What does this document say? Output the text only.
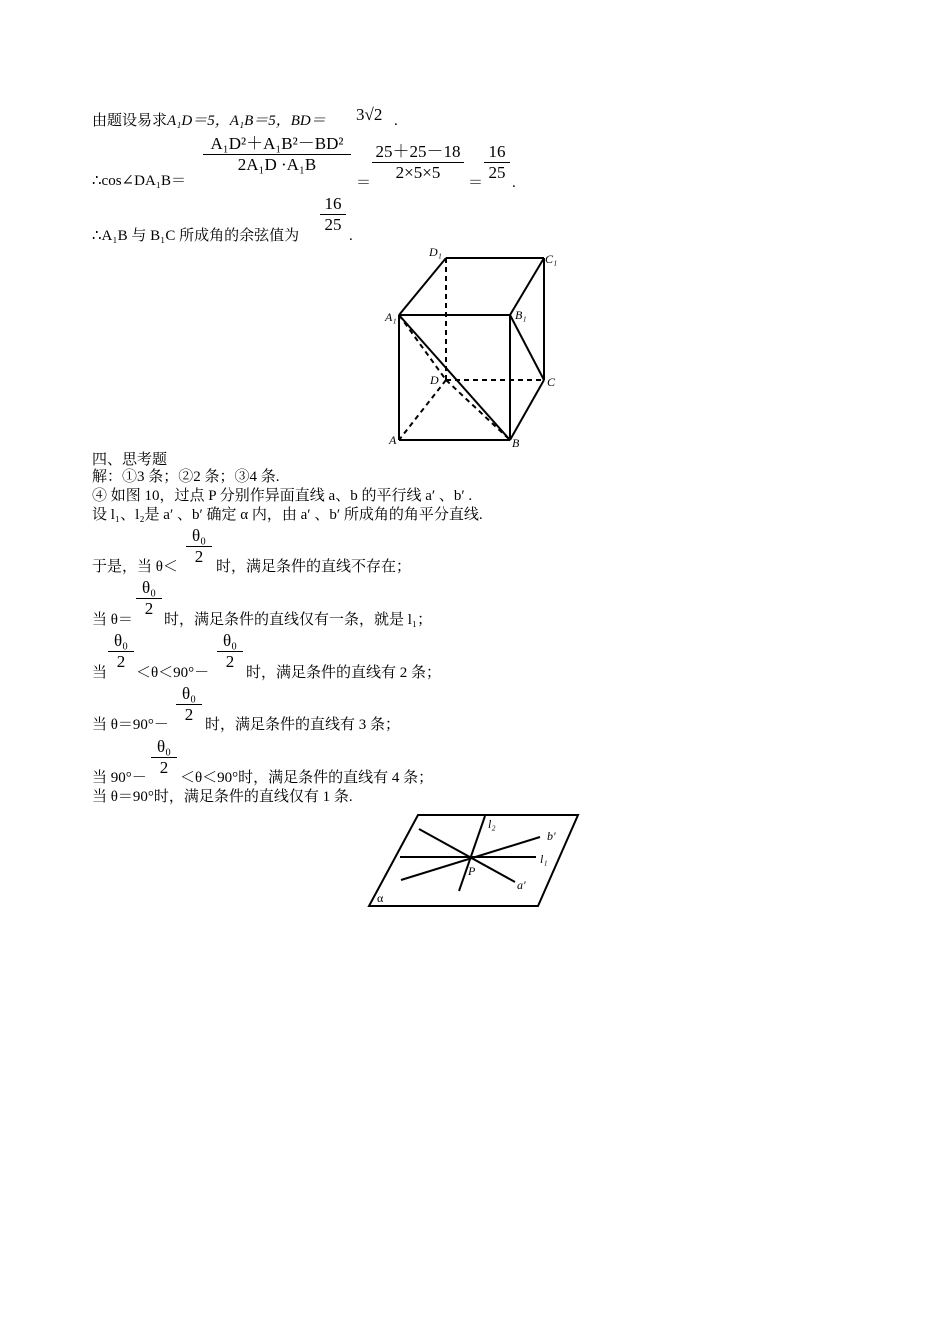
由题设易求A₁D＝5，A₁B＝5，BD＝ 3√2 .
∴cos∠DA₁B＝
$\frac{\text{A₁D²＋A₁B²－BD²}}{\text{2A₁D ·A₁B}}$
＝ $\frac{25+25-18}{2\times 5\times 5} = \frac{16}{25}$ .
∴A₁B 与 B₁C 所成角的余弦值为
$\frac{16}{25}$
.
D₁	C₁
A₁	B₁
D	C
A	B
四、思考题
解：①3 条；②2 条；③4 条.
④ 如图 10，过点 P 分别作异面直线 a、b 的平行线 a′ 、b′ .
设 l₁、l₂是 a′ 、b′ 确定 α 内，由 a′ 、b′ 所成角的角平分直线.
于是，当 $\theta< \frac{\text{θ₀}}{2}$ 时，满足条件的直线不存在；
当 θ＝
$\frac{\text{θ₀}}{2}$
时，满足条件的直线仅有一条，就是 l₁；
当
$\frac{\text{θ₀}}{2}$
＜θ＜90°－
$\frac{\text{θ₀}}{2}$
时，满足条件的直线有 2 条；
当 $\theta=90^\circ- \frac{\text{θ₀}}{2}$ 时，满足条件的直线有 3 条；
当 $90^\circ- \frac{\text{θ₀}}{2} <\theta<90^\circ$时，满足条件的直线有 4 条；
当 θ＝90°时，满足条件的直线仅有 1 条.
l₂
b′
l₁
P
a′
α
